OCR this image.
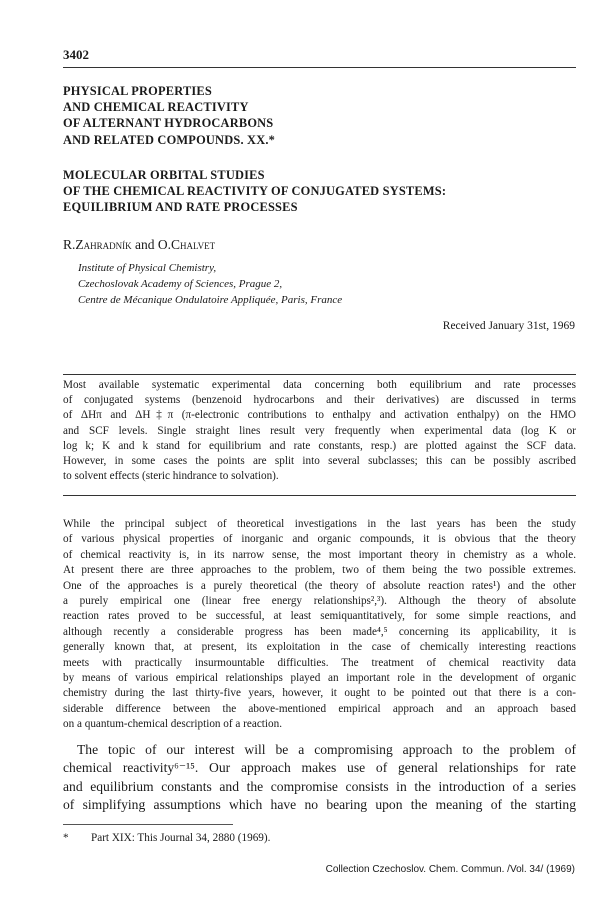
3402
PHYSICAL PROPERTIES
AND CHEMICAL REACTIVITY
OF ALTERNANT HYDROCARBONS
AND RELATED COMPOUNDS. XX.*
MOLECULAR ORBITAL STUDIES
OF THE CHEMICAL REACTIVITY OF CONJUGATED SYSTEMS:
EQUILIBRIUM AND RATE PROCESSES
R.Zahradník and O.Chalvet
Institute of Physical Chemistry,
Czechoslovak Academy of Sciences, Prague 2,
Centre de Mécanique Ondulatoire Appliquée, Paris, France
Received January 31st, 1969
Most available systematic experimental data concerning both equilibrium and rate processes
of conjugated systems (benzenoid hydrocarbons and their derivatives) are discussed in terms
of ΔHπ and ΔH‡π (π-electronic contributions to enthalpy and activation enthalpy) on the HMO
and SCF levels. Single straight lines result very frequently when experimental data (log K or
log k; K and k stand for equilibrium and rate constants, resp.) are plotted against the SCF data.
However, in some cases the points are split into several subclasses; this can be possibly ascribed
to solvent effects (steric hindrance to solvation).
While the principal subject of theoretical investigations in the last years has been the study
of various physical properties of inorganic and organic compounds, it is obvious that the theory
of chemical reactivity is, in its narrow sense, the most important theory in chemistry as a whole.
At present there are three approaches to the problem, two of them being the two possible extremes.
One of the approaches is a purely theoretical (the theory of absolute reaction rates¹) and the other
a purely empirical one (linear free energy relationships²,³). Although the theory of absolute
reaction rates proved to be successful, at least semiquantitatively, for some simple reactions, and
although recently a considerable progress has been made⁴,⁵ concerning its applicability, it is
generally known that, at present, its exploitation in the case of chemically interesting reactions
meets with practically insurmountable difficulties. The treatment of chemical reactivity data
by means of various empirical relationships played an important role in the development of organic
chemistry during the last thirty-five years, however, it ought to be pointed out that there is a con-
siderable difference between the above-mentioned empirical approach and an approach based
on a quantum-chemical description of a reaction.
The topic of our interest will be a compromising approach to the problem of
chemical reactivity⁶⁻¹⁵. Our approach makes use of general relationships for rate
and equilibrium constants and the compromise consists in the introduction of a series
of simplifying assumptions which have no bearing upon the meaning of the starting
* Part XIX: This Journal 34, 2880 (1969).
Collection Czechoslov. Chem. Commun. /Vol. 34/ (1969)
